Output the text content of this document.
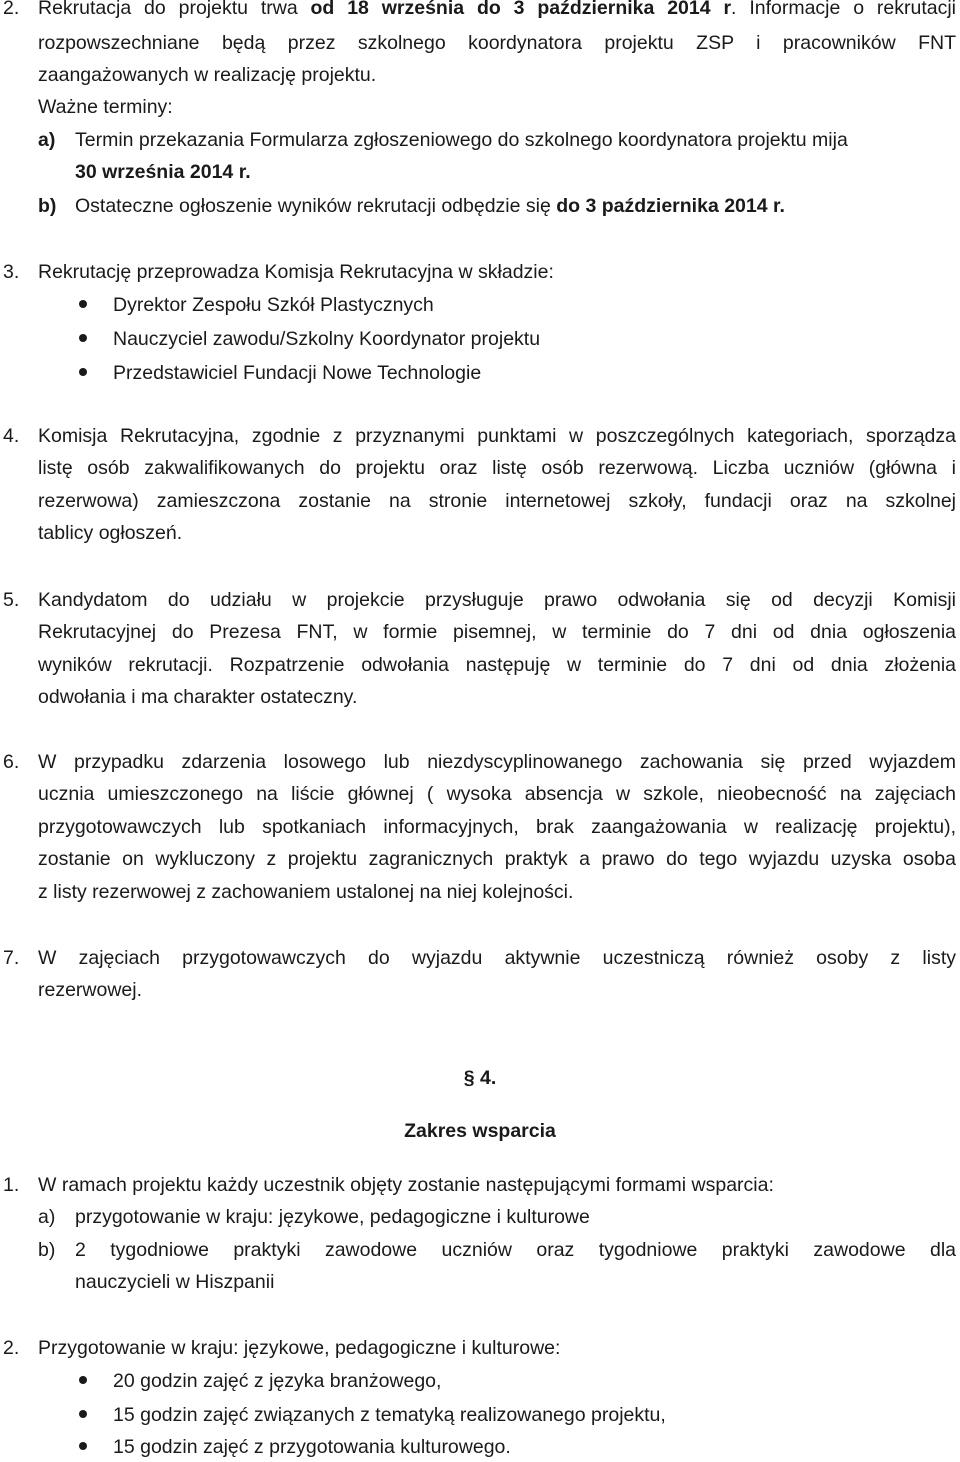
2. Rekrutacja do projektu trwa od 18 września do 3 października 2014 r. Informacje o rekrutacji
rozpowszechniane będą przez szkolnego koordynatora projektu ZSP i pracowników FNT
zaangażowanych w realizację projektu.
Ważne terminy:
a)	Termin przekazania Formularza zgłoszeniowego do szkolnego koordynatora projektu mija
30 września 2014 r.
b) Ostateczne ogłoszenie wyników rekrutacji odbędzie się do 3 października 2014 r.
3. Rekrutację przeprowadza Komisja Rekrutacyjna w składzie:
Dyrektor Zespołu Szkół Plastycznych
Nauczyciel zawodu/Szkolny Koordynator projektu
Przedstawiciel Fundacji Nowe Technologie
4. Komisja Rekrutacyjna, zgodnie z przyznanymi punktami w poszczególnych kategoriach, sporządza
listę osób zakwalifikowanych do projektu oraz listę osób rezerwową. Liczba uczniów (główna i
rezerwowa) zamieszczona zostanie na stronie internetowej szkoły, fundacji oraz na szkolnej
tablicy ogłoszeń.
5. Kandydatom do udziału w projekcie przysługuje prawo odwołania się od decyzji Komisji
Rekrutacyjnej do Prezesa FNT, w formie pisemnej, w terminie do 7 dni od dnia ogłoszenia
wyników rekrutacji. Rozpatrzenie odwołania następuję w terminie do 7 dni od dnia złożenia
odwołania i ma charakter ostateczny.
6. W przypadku zdarzenia losowego lub niezdyscyplinowanego zachowania się przed wyjazdem
ucznia umieszczonego na liście głównej ( wysoka absencja w szkole, nieobecność na zajęciach
przygotowawczych lub spotkaniach informacyjnych, brak zaangażowania w realizację projektu),
zostanie on wykluczony z projektu zagranicznych praktyk a prawo do tego wyjazdu uzyska osoba
z listy rezerwowej z zachowaniem ustalonej na niej kolejności.
7. W zajęciach przygotowawczych do wyjazdu aktywnie uczestniczą również osoby z listy
rezerwowej.
§ 4.
Zakres wsparcia
1. W ramach projektu każdy uczestnik objęty zostanie następującymi formami wsparcia:
a)	przygotowanie w kraju: językowe, pedagogiczne i kulturowe
b)	2 tygodniowe praktyki zawodowe uczniów oraz tygodniowe praktyki zawodowe dla
nauczycieli w Hiszpanii
2. Przygotowanie w kraju: językowe, pedagogiczne i kulturowe:
20 godzin zajęć z języka branżowego,
15 godzin zajęć związanych z tematyką realizowanego projektu,
15 godzin zajęć z przygotowania kulturowego.
